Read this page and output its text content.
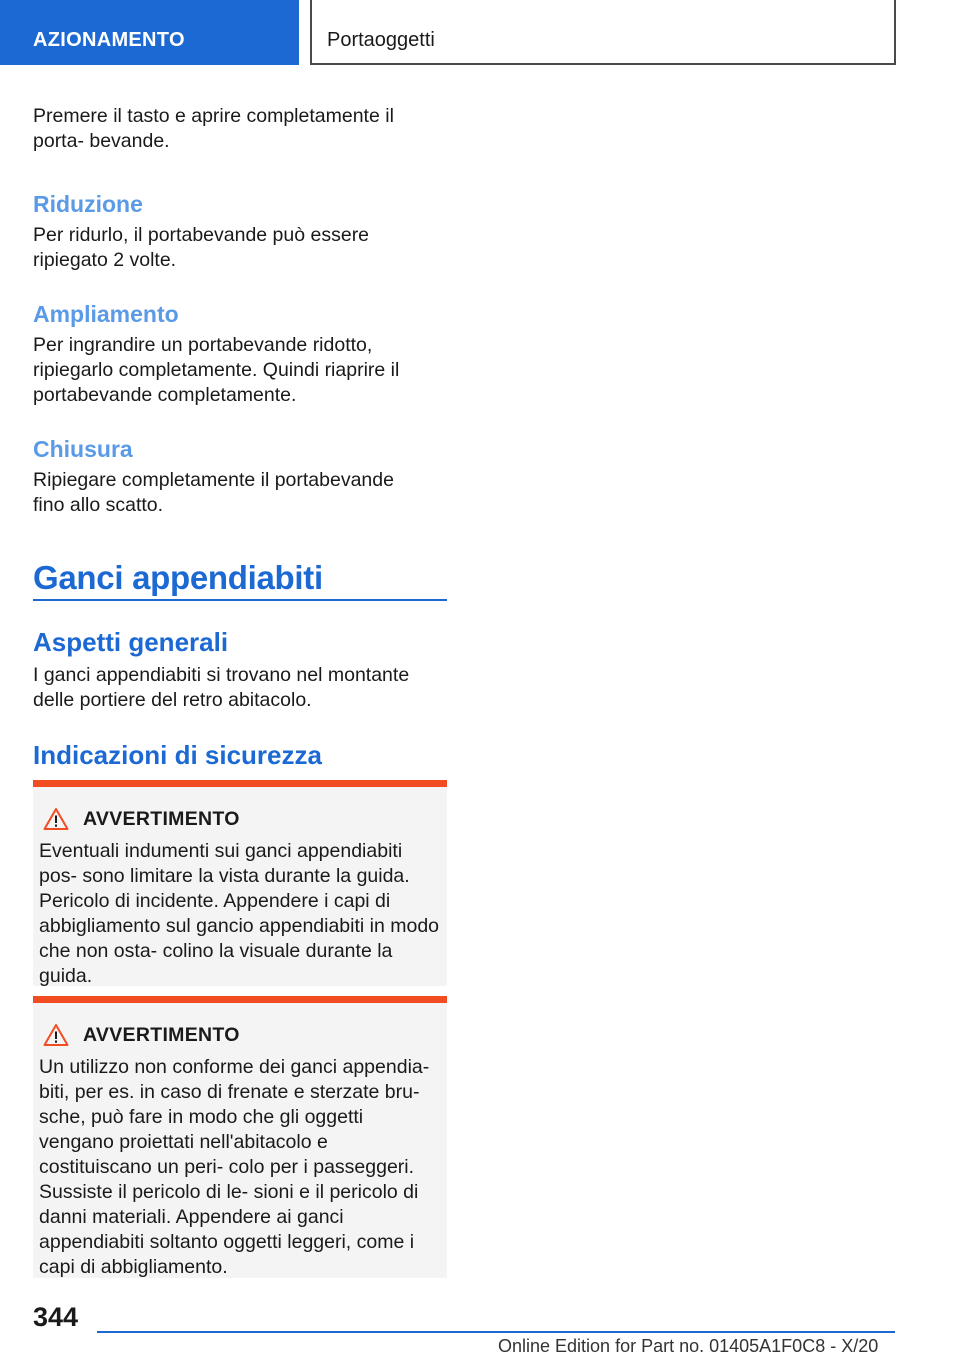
AZIONAMENTO	Portaoggetti

Premere il tasto e aprire completamente il porta- bevande.

Riduzione

Per ridurlo, il portabevande può essere ripiegato 2 volte.

Ampliamento

Per ingrandire un portabevande ridotto, ripiegarlo completamente. Quindi riaprire il portabevande completamente.

Chiusura

Ripiegare completamente il portabevande fino allo scatto.

Ganci appendiabiti
Aspetti generali

I ganci appendiabiti si trovano nel montante delle portiere del retro abitacolo.

Indicazioni di sicurezza
AVVERTIMENTO

Eventuali indumenti sui ganci appendiabiti pos- sono limitare la vista durante la guida. Pericolo di incidente. Appendere i capi di abbigliamento sul gancio appendiabiti in modo che non osta- colino la visuale durante la guida.

AVVERTIMENTO

Un utilizzo non conforme dei ganci appendia- biti, per es. in caso di frenate e sterzate bru- sche, può fare in modo che gli oggetti vengano proiettati nell'abitacolo e costituiscano un peri- colo per i passeggeri. Sussiste il pericolo di le- sioni e il pericolo di danni materiali. Appendere ai ganci appendiabiti soltanto oggetti leggeri, come i capi di abbigliamento.

344
Online Edition for Part no. 01405A1F0C8 - X/20
